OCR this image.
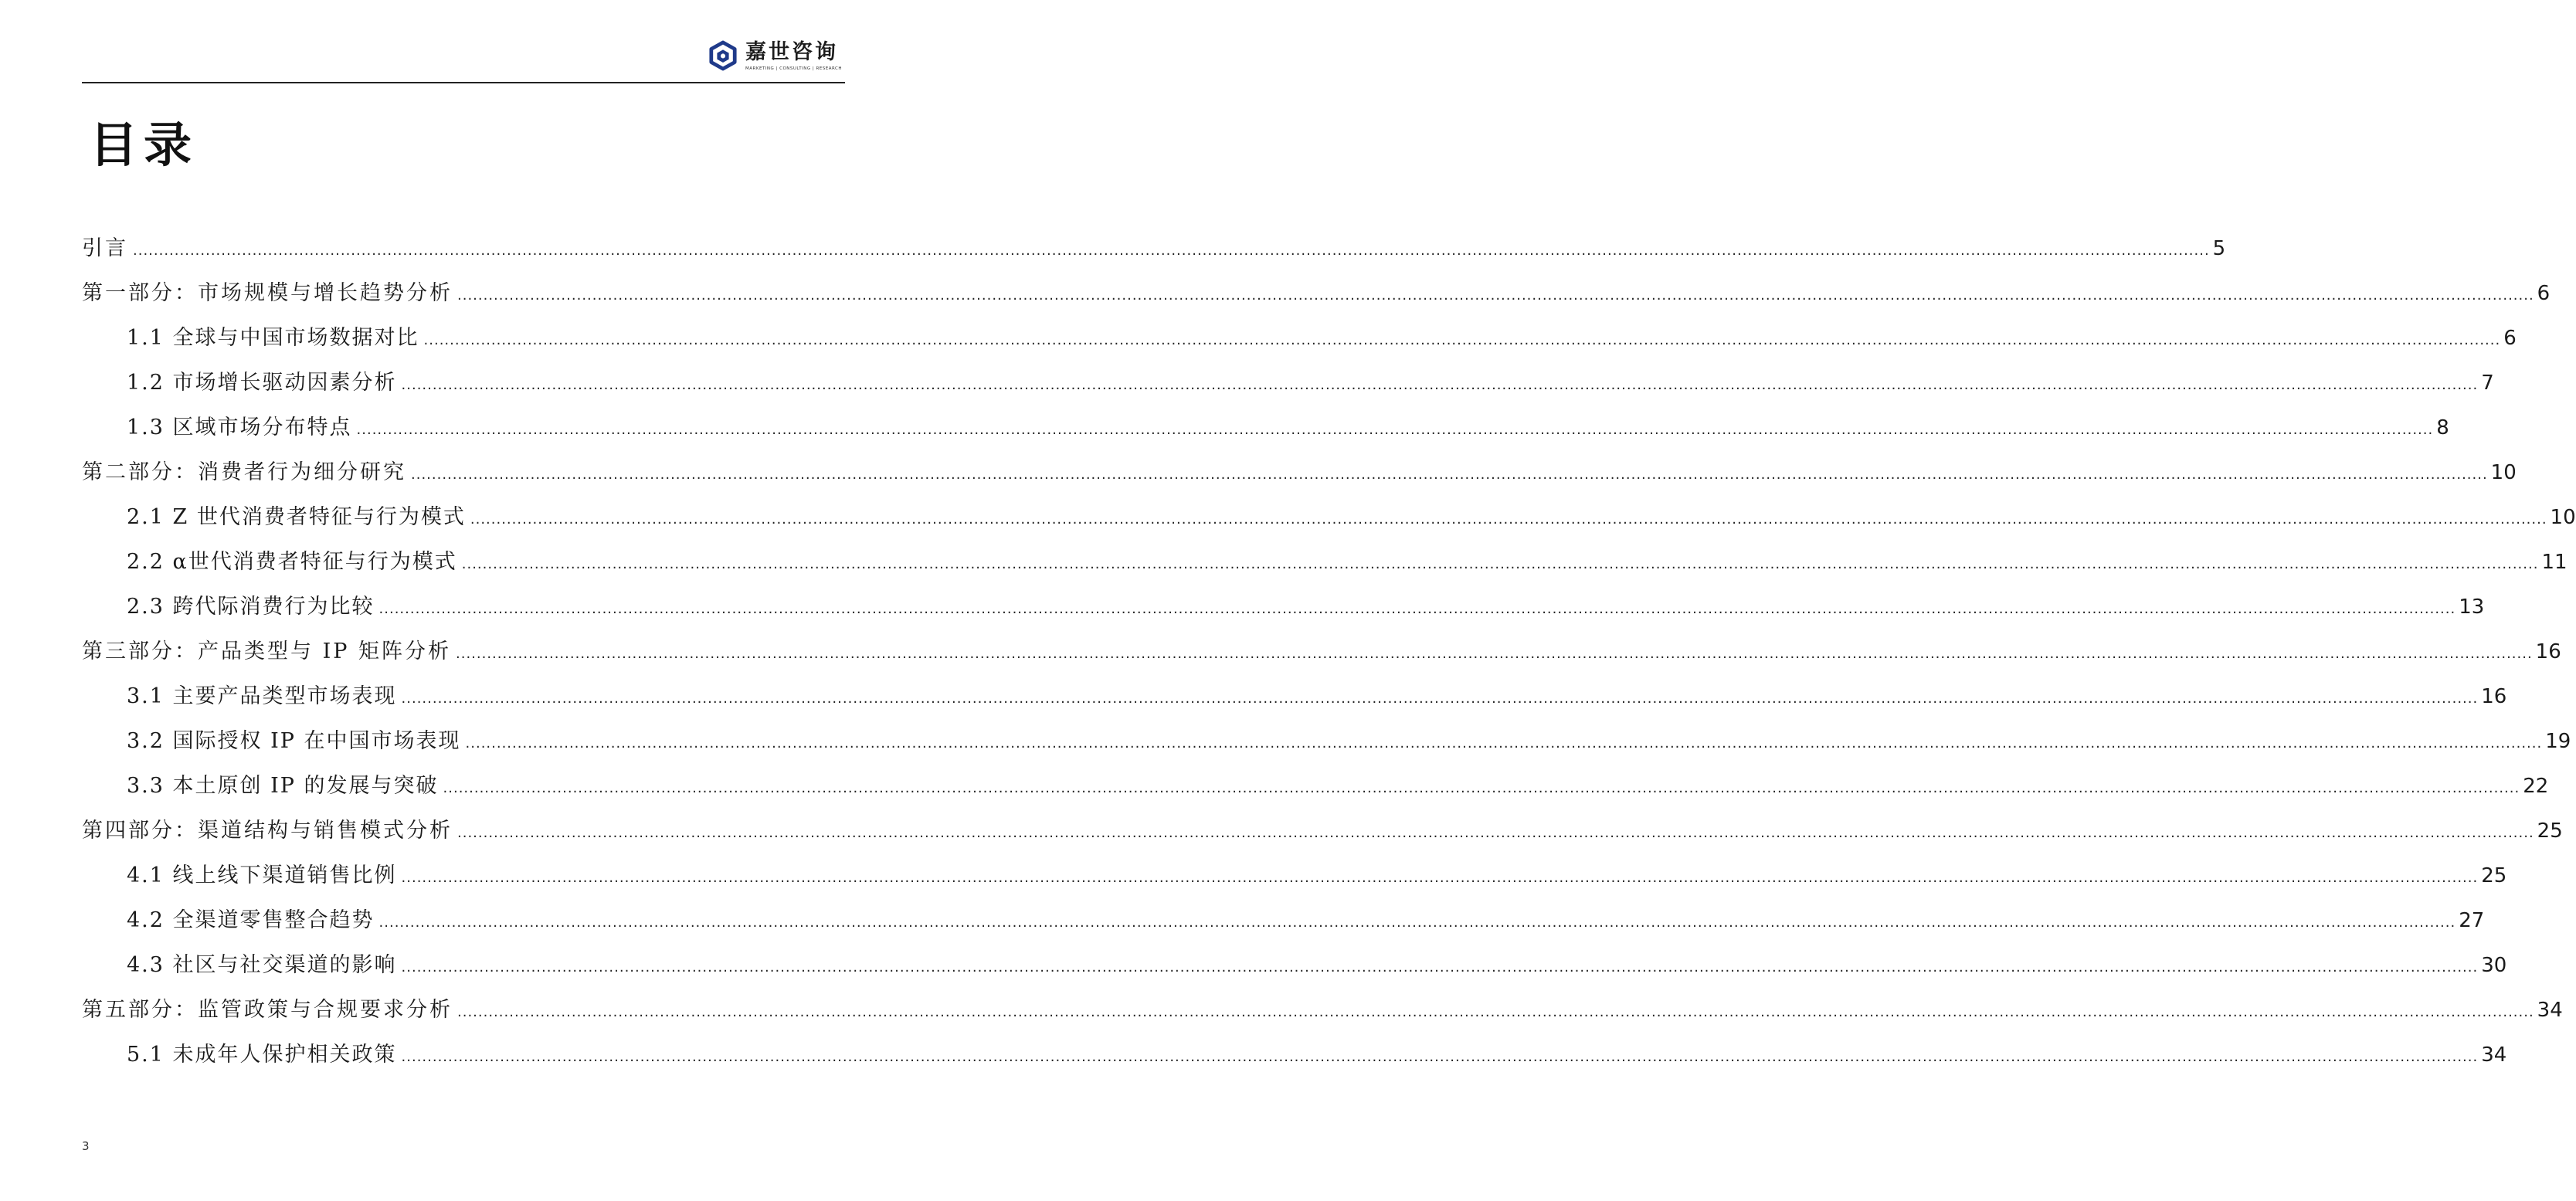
嘉世咨询
MARKETING | CONSULTING | RESEARCH
目录
引言 ................................................................................................................................................................................................................................................................................................................................................................................................................ 5
第一部分：市场规模与增长趋势分析 ................................................................................................................................................................................................................................................................................................................................................................................................................ 6
1.1 全球与中国市场数据对比 ................................................................................................................................................................................................................................................................................................................................................................................................................ 6
1.2 市场增长驱动因素分析 ................................................................................................................................................................................................................................................................................................................................................................................................................ 7
1.3 区域市场分布特点 ................................................................................................................................................................................................................................................................................................................................................................................................................ 8
第二部分：消费者行为细分研究 ................................................................................................................................................................................................................................................................................................................................................................................................................ 10
2.1 Z 世代消费者特征与行为模式 ................................................................................................................................................................................................................................................................................................................................................................................................................ 10
2.2 α世代消费者特征与行为模式 ................................................................................................................................................................................................................................................................................................................................................................................................................ 11
2.3 跨代际消费行为比较 ................................................................................................................................................................................................................................................................................................................................................................................................................ 13
第三部分：产品类型与 IP 矩阵分析 ................................................................................................................................................................................................................................................................................................................................................................................................................ 16
3.1 主要产品类型市场表现 ................................................................................................................................................................................................................................................................................................................................................................................................................ 16
3.2 国际授权 IP 在中国市场表现 ................................................................................................................................................................................................................................................................................................................................................................................................................ 19
3.3 本土原创 IP 的发展与突破 ................................................................................................................................................................................................................................................................................................................................................................................................................ 22
第四部分：渠道结构与销售模式分析 ................................................................................................................................................................................................................................................................................................................................................................................................................ 25
4.1 线上线下渠道销售比例 ................................................................................................................................................................................................................................................................................................................................................................................................................ 25
4.2 全渠道零售整合趋势 ................................................................................................................................................................................................................................................................................................................................................................................................................ 27
4.3 社区与社交渠道的影响 ................................................................................................................................................................................................................................................................................................................................................................................................................ 30
第五部分：监管政策与合规要求分析 ................................................................................................................................................................................................................................................................................................................................................................................................................ 34
5.1 未成年人保护相关政策 ................................................................................................................................................................................................................................................................................................................................................................................................................ 34
3
